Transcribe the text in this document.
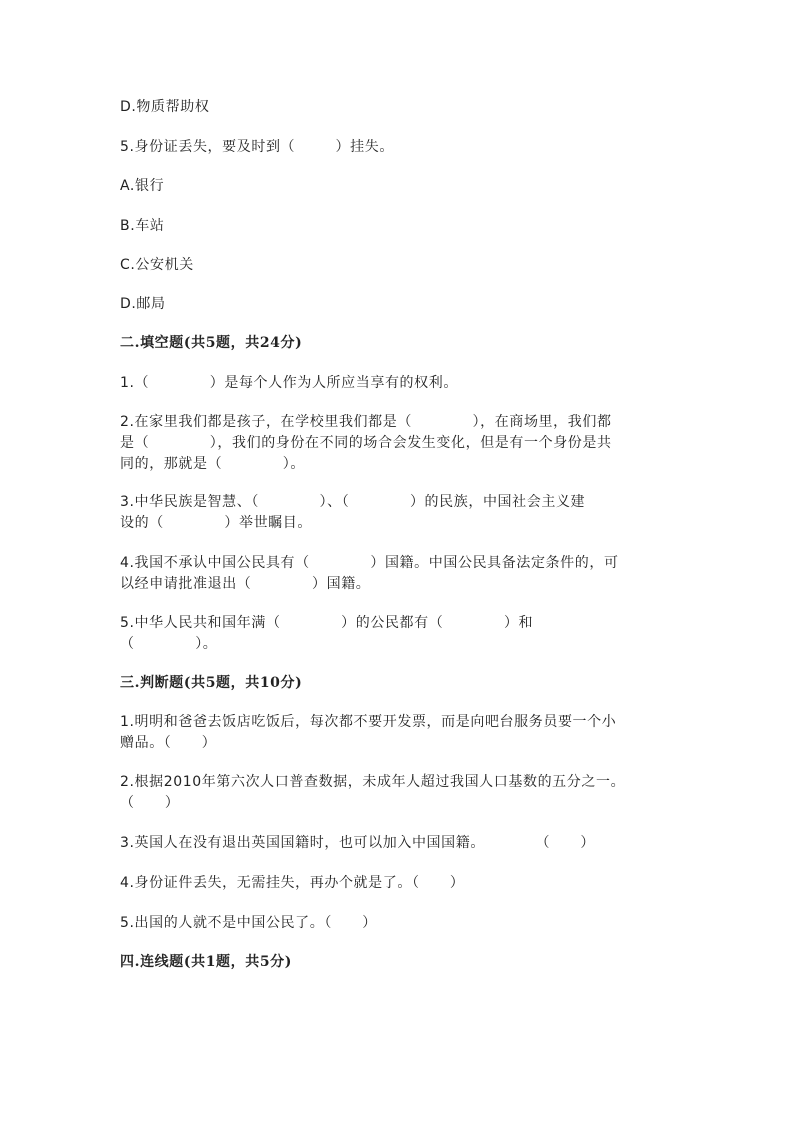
D.物质帮助权
5.身份证丢失，要及时到（        ）挂失。
A.银行
B.车站
C.公安机关
D.邮局
二.填空题(共5题，共24分)
1.（            ）是每个人作为人所应当享有的权利。
2.在家里我们都是孩子，在学校里我们都是（            ），在商场里，我们都
是（            ），我们的身份在不同的场合会发生变化，但是有一个身份是共
同的，那就是（            ）。
3.中华民族是智慧、（            ）、（            ）的民族，中国社会主义建
设的（            ）举世瞩目。
4.我国不承认中国公民具有（            ）国籍。中国公民具备法定条件的，可
以经申请批准退出（            ）国籍。
5.中华人民共和国年满（            ）的公民都有（            ）和
（            ）。
三.判断题(共5题，共10分)
1.明明和爸爸去饭店吃饭后，每次都不要开发票，而是向吧台服务员要一个小
赠品。（      ）
2.根据2010年第六次人口普查数据，未成年人超过我国人口基数的五分之一。
（      ）
3.英国人在没有退出英国国籍时，也可以加入中国国籍。          （      ）
4.身份证件丢失，无需挂失，再办个就是了。（      ）
5.出国的人就不是中国公民了。（      ）
四.连线题(共1题，共5分)
